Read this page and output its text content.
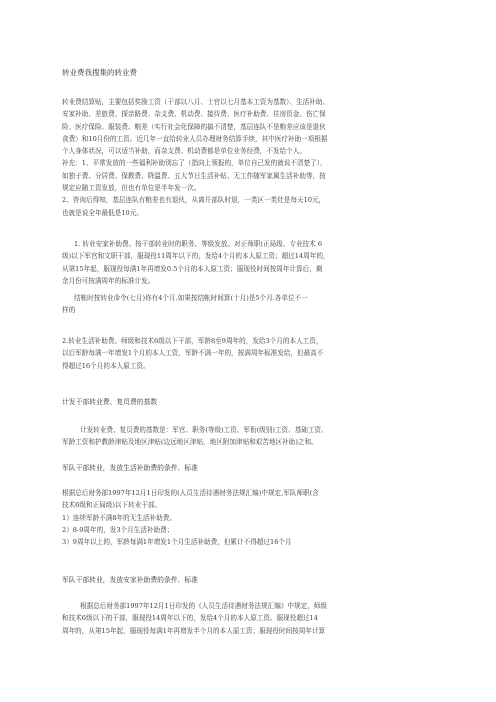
转业费我搜集的转业费
转业费结算贴，主要包括奖励工资（干部以八月、士官以七月基本工资为基数）、生活补助、
安家补助、差旅费、探亲路费、杂支费、机动费、接待费、医疗补助费、住房资金、伤亡保
险、医疗保险、服装费、粮差（实行社会化保障的搞不清楚，基层连队不是粮差应该是退伙
食费）和10月份的工资。近几年一直给转业人员办理财务结算手续，其中医疗补助一项根据
个人身体状况，可以适当补助，而杂支费、机动费都是单位业务经费，不发给个人。
补充：1、平常发放的一些福利补助别忘了（指向上领报的，单位自己发的就说不清楚了），
如独子费、分居费、保教费、降温费、五大节日生活补贴、无工作随军家属生活补助等，按
规定应随工资发放，但也有单位是半年发一次。
2、咨询后得知，基层连队有粮差也有退伙，从离开部队时退，一类区一类灶是每天10元，
也就是说全年最低是10元。
1. 转业安家补助费。按干部转业时的职务、等级发放。对正师职(正局级、专业技术 6
级)以下军官和文职干部，服现役11周年以下的，发给4个月的本人原工资；超过14周年的，
从第15年起，服现役每满1年再增发0.5个月的本人原工资；服现役时间按周年计算后，剩
余月份可按满周年的标准计发。
结帐时按转业命令(七月)你有4个月.如果按结帐时间算(十月)是5个月.各单位不一
样的
2.转业生活补助费。师级和技术6级以下干部，军龄8至9周年的，发给3个月的本人工资，
以后军龄每满一年增发1个月的本人工资，军龄不满一年的，按满周年标准发给，但最高不
得超过16个月的本人原工资。
计发干部转业费、复员费的基数
计发转业费、复员费的基数是：军官、职务(等级)工资、军衔(级别)工资、基础工资、
军龄工资和护教龄津贴及地区津贴(边远地区津贴，地区附加津贴和艰苦地区补助)之和。
军队干部转业，发放生活补助费的条件、标准
根据总后财务部1997年12月1日印发的(人员生活待遇财务法规汇编)中规定,军队师职(含
技术6级和正局级)以下转业干部。
1）连续军龄不满8年的无生活补助费。
2）8-9周年的，发3个月生活补助费；
3）9周年以上的，军龄每满1年增发1个月生活补助费，但累计不得超过16个月
军队干部转业，发放安家补助费的条件、标准
根据总后财务部1997年12月1日印发的《人员生活待遇财务法规汇编》中规定，师级
和技术6级以下的干部，服现役14周年以下的，发给4个月的本人原工资。服现役超过14
周年的，从第15年起，服现役每满1年再增发半个月的本人原工资；服现役时间按周年计算
